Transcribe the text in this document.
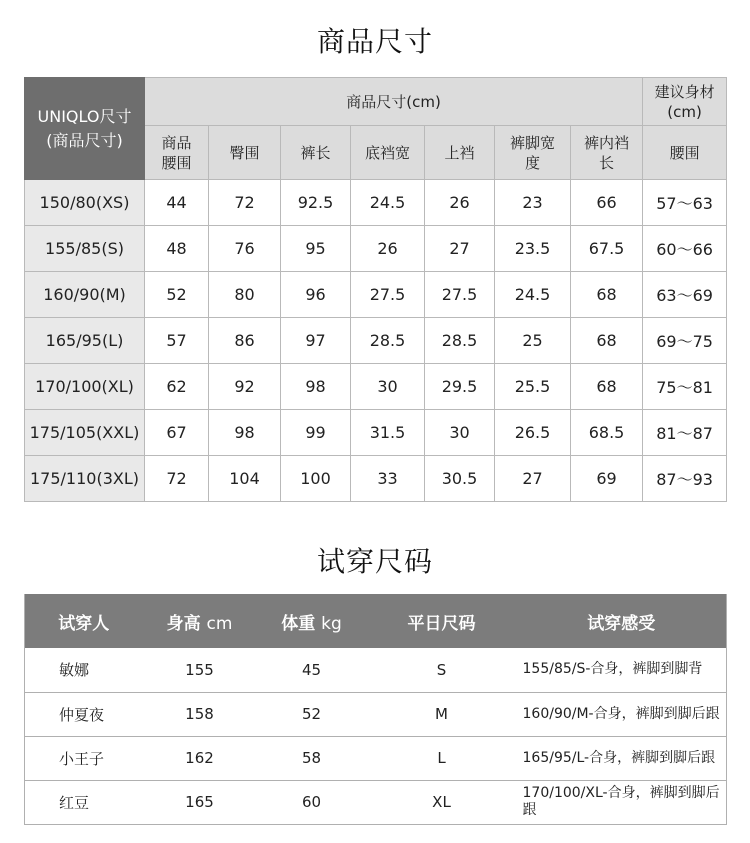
商品尺寸
UNIQLO尺寸
(商品尺寸)	商品尺寸(cm)							建议身材(cm)
	商品腰围	臀围	裤长	底裆宽	上裆	裤脚宽度	裤内裆长	腰围
150/80(XS)	44	72	92.5	24.5	26	23	66	57～63
155/85(S)	48	76	95	26	27	23.5	67.5	60～66
160/90(M)	52	80	96	27.5	27.5	24.5	68	63～69
165/95(L)	57	86	97	28.5	28.5	25	68	69～75
170/100(XL)	62	92	98	30	29.5	25.5	68	75～81
175/105(XXL)	67	98	99	31.5	30	26.5	68.5	81～87
175/110(3XL)	72	104	100	33	30.5	27	69	87～93
试穿尺码
试穿人	身高 cm	体重 kg	平日尺码	试穿感受
敏娜	155	45	S	155/85/S-合身，裤脚到脚背
仲夏夜	158	52	M	160/90/M-合身，裤脚到脚后跟
小王子	162	58	L	165/95/L-合身，裤脚到脚后跟
红豆	165	60	XL	170/100/XL-合身，裤脚到脚后跟
